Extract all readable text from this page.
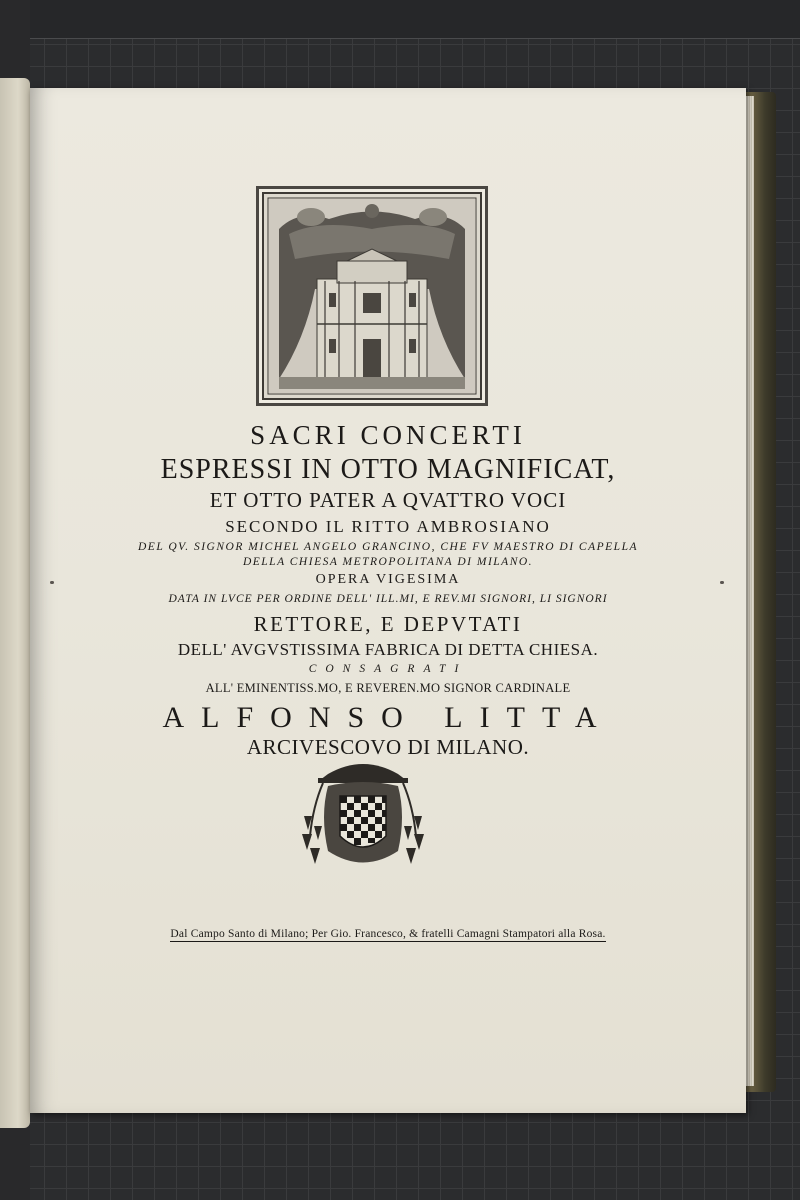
SACRI CONCERTI
ESPRESSI IN OTTO MAGNIFICAT,
ET OTTO PATER A QVATTRO VOCI
SECONDO IL RITTO AMBROSIANO
DEL QV. SIGNOR MICHEL ANGELO GRANCINO, CHE FV MAESTRO DI CAPELLA
DELLA CHIESA METROPOLITANA DI MILANO.
OPERA VIGESIMA
DATA IN LVCE PER ORDINE DELL' ILL.MI, E REV.MI SIGNORI, LI SIGNORI
RETTORE, E DEPVTATI
DELL' AVGVSTISSIMA FABRICA DI DETTA CHIESA.
CONSAGRATI
ALL' EMINENTISS.MO, E REVEREN.MO SIGNOR CARDINALE
ALFONSO LITTA
ARCIVESCOVO DI MILANO.
Dal Campo Santo di Milano; Per Gio. Francesco, & fratelli Camagni Stampatori alla Rosa.
